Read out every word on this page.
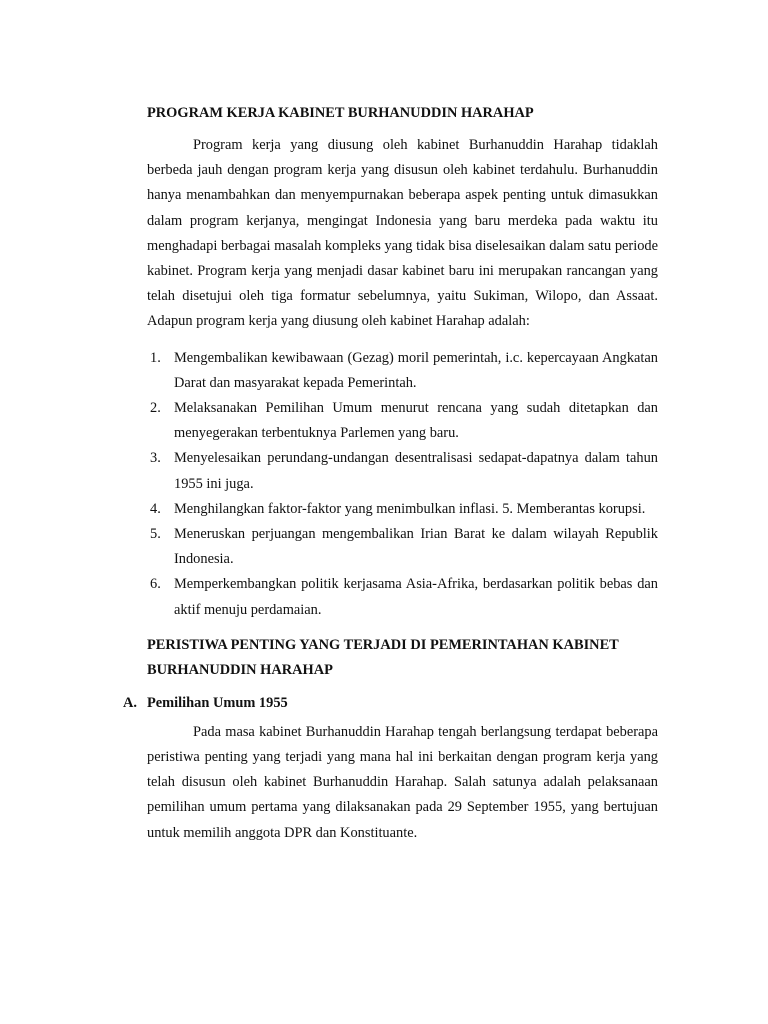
PROGRAM KERJA KABINET BURHANUDDIN HARAHAP

Program kerja yang diusung oleh kabinet Burhanuddin Harahap tidaklah berbeda jauh dengan program kerja yang disusun oleh kabinet terdahulu. Burhanuddin hanya menambahkan dan menyempurnakan beberapa aspek penting untuk dimasukkan dalam program kerjanya, mengingat Indonesia yang baru merdeka pada waktu itu menghadapi berbagai masalah kompleks yang tidak bisa diselesaikan dalam satu periode kabinet. Program kerja yang menjadi dasar kabinet baru ini merupakan rancangan yang telah disetujui oleh tiga formatur sebelumnya, yaitu Sukiman, Wilopo, dan Assaat. Adapun program kerja yang diusung oleh kabinet Harahap adalah:

1. Mengembalikan kewibawaan (Gezag) moril pemerintah, i.c. kepercayaan Angkatan Darat dan masyarakat kepada Pemerintah.
2. Melaksanakan Pemilihan Umum menurut rencana yang sudah ditetapkan dan menyegerakan terbentuknya Parlemen yang baru.
3. Menyelesaikan perundang-undangan desentralisasi sedapat-dapatnya dalam tahun 1955 ini juga.
4. Menghilangkan faktor-faktor yang menimbulkan inflasi. 5. Memberantas korupsi.
5. Meneruskan perjuangan mengembalikan Irian Barat ke dalam wilayah Republik Indonesia.
6. Memperkembangkan politik kerjasama Asia-Afrika, berdasarkan politik bebas dan aktif menuju perdamaian.
PERISTIWA PENTING YANG TERJADI DI PEMERINTAHAN KABINET BURHANUDDIN HARAHAP
A. Pemilihan Umum 1955

Pada masa kabinet Burhanuddin Harahap tengah berlangsung terdapat beberapa peristiwa penting yang terjadi yang mana hal ini berkaitan dengan program kerja yang telah disusun oleh kabinet Burhanuddin Harahap. Salah satunya adalah pelaksanaan pemilihan umum pertama yang dilaksanakan pada 29 September 1955, yang bertujuan untuk memilih anggota DPR dan Konstituante.
